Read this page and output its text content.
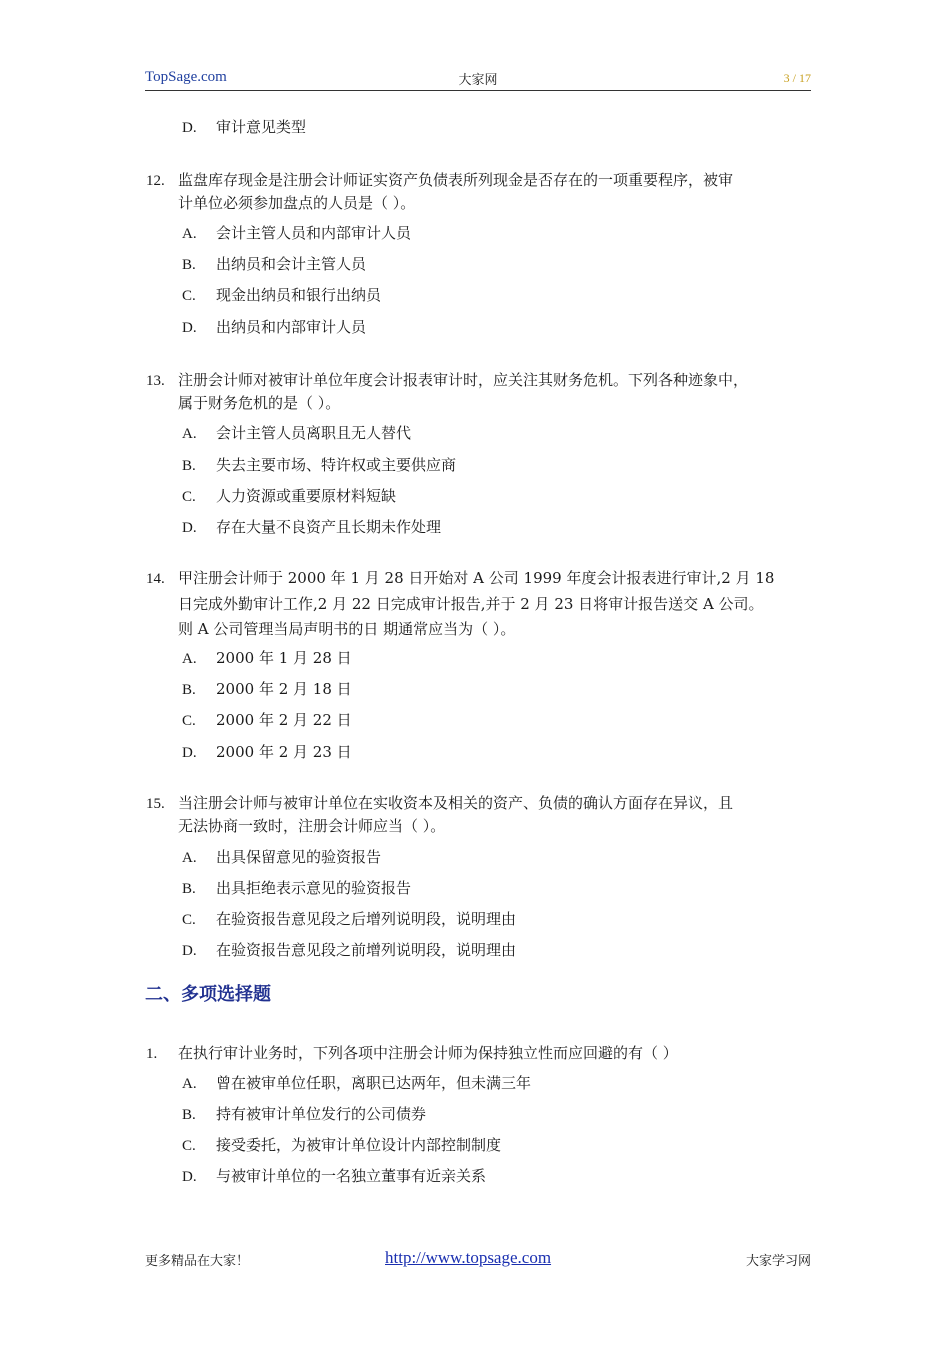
TopSage.com	大家网	3 / 17
D. 审计意见类型
12. 监盘库存现金是注册会计师证实资产负债表所列现金是否存在的一项重要程序，被审
计单位必须参加盘点的人员是（ ）。
A. 会计主管人员和内部审计人员
B. 出纳员和会计主管人员
C. 现金出纳员和银行出纳员
D. 出纳员和内部审计人员
13. 注册会计师对被审计单位年度会计报表审计时，应关注其财务危机。下列各种迹象中，
属于财务危机的是（ ）。
A. 会计主管人员离职且无人替代
B. 失去主要市场、特许权或主要供应商
C. 人力资源或重要原材料短缺
D. 存在大量不良资产且长期未作处理
14. 甲注册会计师于 2000 年 1 月 28 日开始对 A 公司 1999 年度会计报表进行审计,2 月 18
日完成外勤审计工作,2 月 22 日完成审计报告,并于 2 月 23 日将审计报告送交 A 公司。
则 A 公司管理当局声明书的日 期通常应当为（ ）。
A. 2000 年 1 月 28 日
B. 2000 年 2 月 18 日
C. 2000 年 2 月 22 日
D. 2000 年 2 月 23 日
15. 当注册会计师与被审计单位在实收资本及相关的资产、负债的确认方面存在异议，且
无法协商一致时，注册会计师应当（ ）。
A. 出具保留意见的验资报告
B. 出具拒绝表示意见的验资报告
C. 在验资报告意见段之后增列说明段，说明理由
D. 在验资报告意见段之前增列说明段，说明理由
二、多项选择题
1. 在执行审计业务时，下列各项中注册会计师为保持独立性而应回避的有（ ）
A. 曾在被审单位任职，离职已达两年，但未满三年
B. 持有被审计单位发行的公司债券
C. 接受委托，为被审计单位设计内部控制制度
D. 与被审计单位的一名独立董事有近亲关系
更多精品在大家！	http://www.topsage.com	大家学习网
